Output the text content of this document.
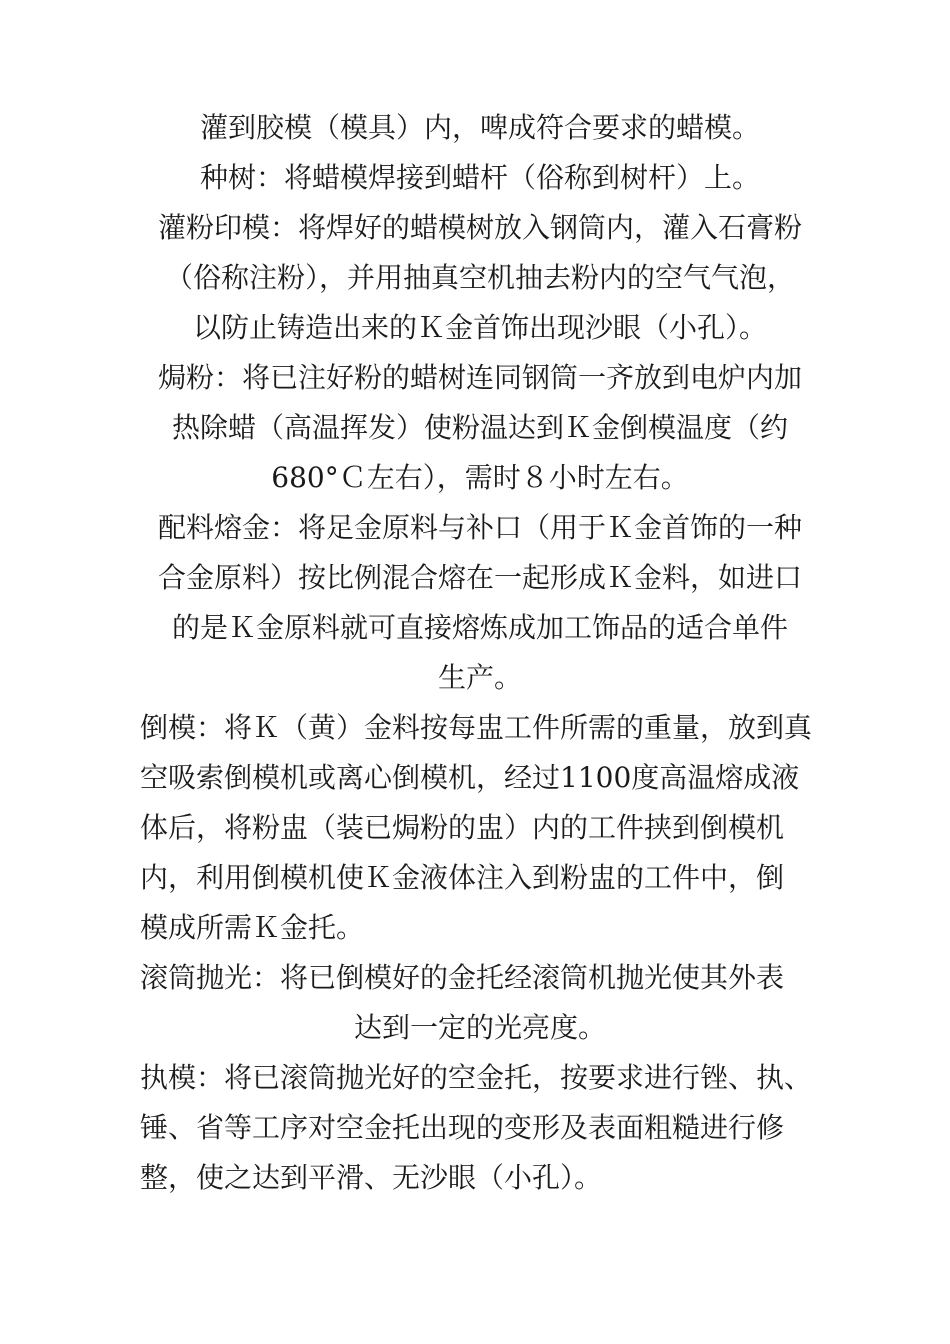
灌到胶模（模具）内，啤成符合要求的蜡模。
种树：将蜡模焊接到蜡杆（俗称到树杆）上。
灌粉印模：将焊好的蜡模树放入钢筒内，灌入石膏粉
（俗称注粉），并用抽真空机抽去粉内的空气气泡，
以防止铸造出来的Ｋ金首饰出现沙眼（小孔）。
焗粉：将已注好粉的蜡树连同钢筒一齐放到电炉内加
热除蜡（高温挥发）使粉温达到Ｋ金倒模温度（约
680°Ｃ左右），需时８小时左右。
配料熔金：将足金原料与补口（用于Ｋ金首饰的一种
合金原料）按比例混合熔在一起形成Ｋ金料，如进口
的是Ｋ金原料就可直接熔炼成加工饰品的适合单件
生产。
倒模：将Ｋ（黄）金料按每盅工件所需的重量，放到真
空吸索倒模机或离心倒模机，经过1100度高温熔成液
体后，将粉盅（装已焗粉的盅）内的工件挟到倒模机
内，利用倒模机使Ｋ金液体注入到粉盅的工件中，倒
模成所需Ｋ金托。
滚筒抛光：将已倒模好的金托经滚筒机抛光使其外表
达到一定的光亮度。
执模：将已滚筒抛光好的空金托，按要求进行锉、执、
锤、省等工序对空金托出现的变形及表面粗糙进行修
整，使之达到平滑、无沙眼（小孔）。
